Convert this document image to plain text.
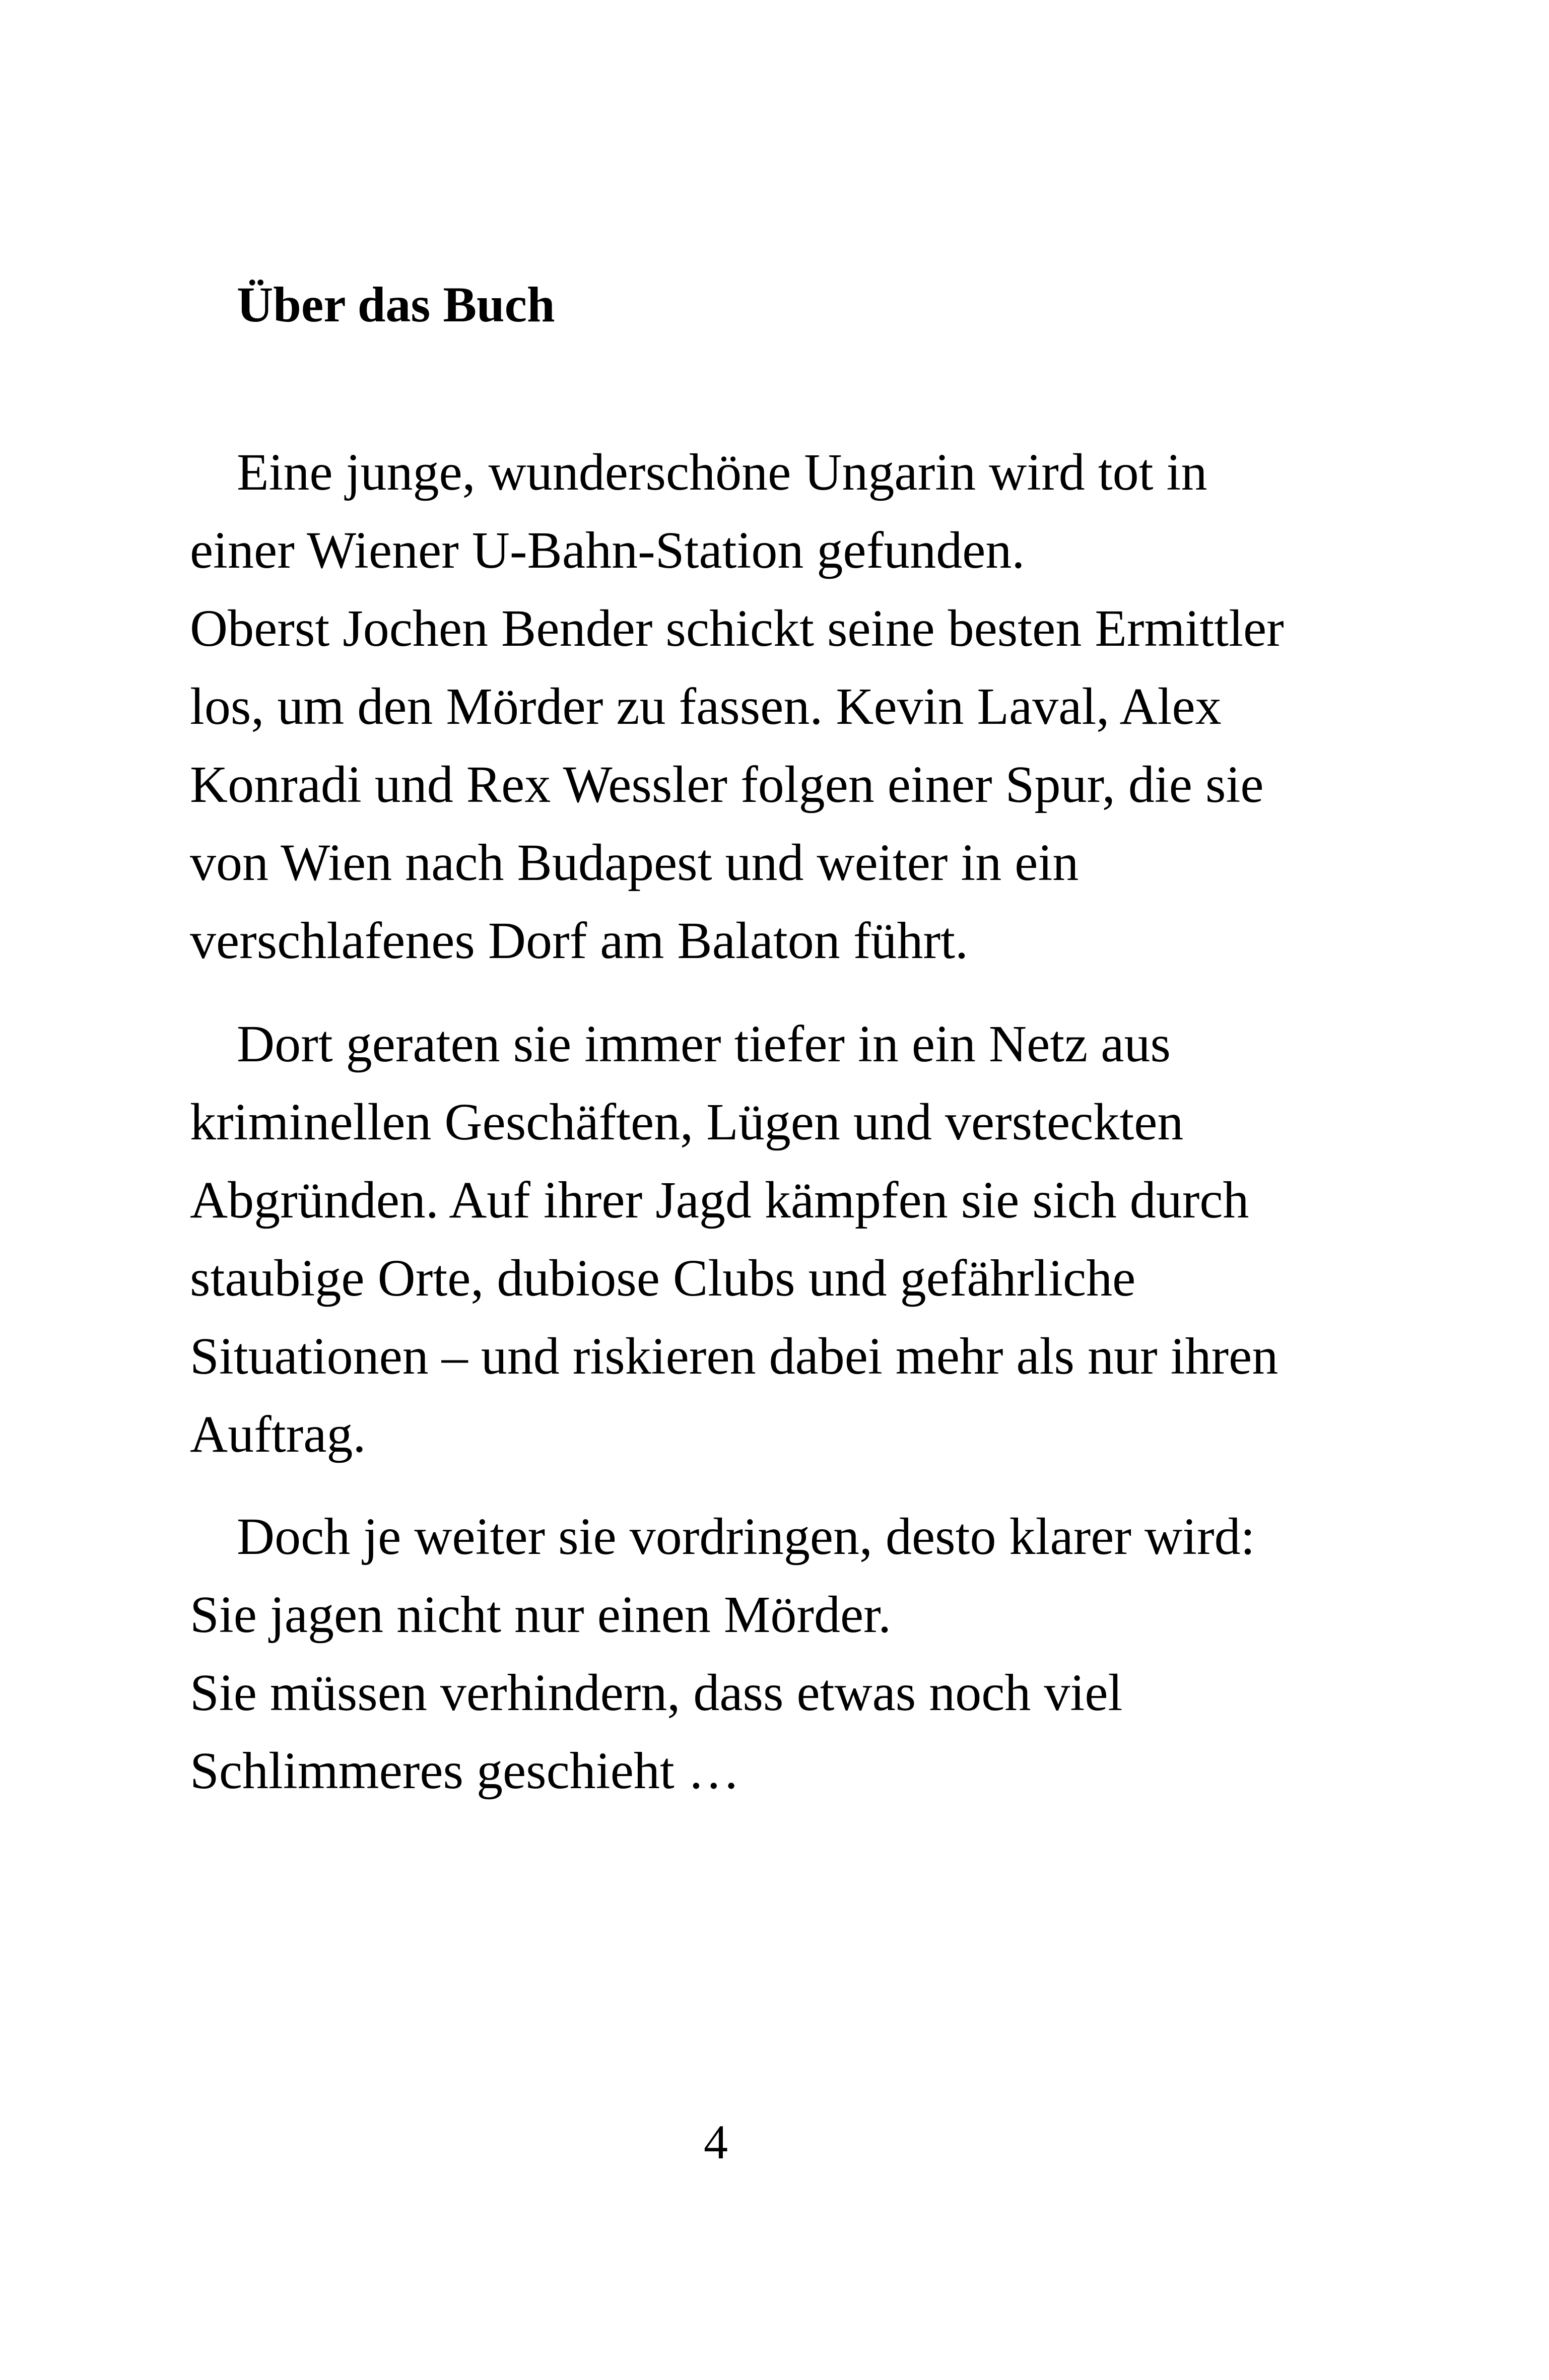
Über das Buch
Eine junge, wunderschöne Ungarin wird tot in
einer Wiener U-Bahn-Station gefunden.
Oberst Jochen Bender schickt seine besten Ermittler
los, um den Mörder zu fassen. Kevin Laval, Alex
Konradi und Rex Wessler folgen einer Spur, die sie
von Wien nach Budapest und weiter in ein
verschlafenes Dorf am Balaton führt.
Dort geraten sie immer tiefer in ein Netz aus
kriminellen Geschäften, Lügen und versteckten
Abgründen. Auf ihrer Jagd kämpfen sie sich durch
staubige Orte, dubiose Clubs und gefährliche
Situationen – und riskieren dabei mehr als nur ihren
Auftrag.
Doch je weiter sie vordringen, desto klarer wird:
Sie jagen nicht nur einen Mörder.
Sie müssen verhindern, dass etwas noch viel
Schlimmeres geschieht …
4
